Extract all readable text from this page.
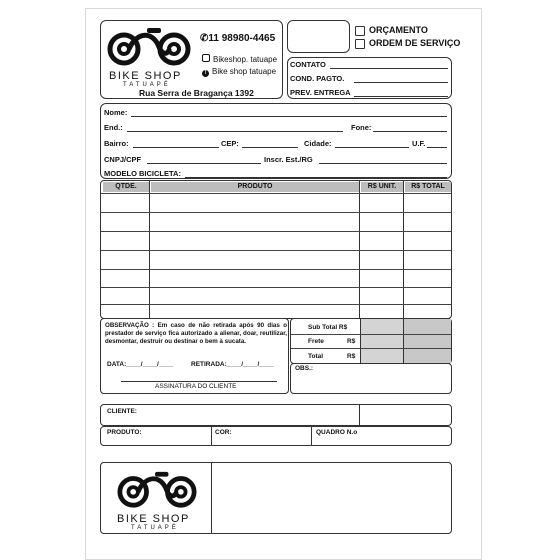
BIKE SHOP
TATUAPÉ
✆11 98980-4465
Bikeshop. tatuape
f Bike shop tatuape
Rua Serra de Bragança 1392
ORÇAMENTO
ORDEM DE SERVIÇO
CONTATO
COND. PAGTO.
PREV. ENTREGA
Nome:
End.:	Fone:
Bairro:	CEP:	Cidade:	U.F.
CNPJ/CPF	Inscr. Est./RG
MODELO BICICLETA:
QTDE.	PRODUTO	R$ UNIT.	R$ TOTAL
OBSERVAÇÃO : Em caso de não retirada após 90 dias o prestador de serviço fica autorizado a alienar, doar, reutilizar, desmontar, destruir ou destinar o bem à sucata.
DATA:____/____/____	RETIRADA:____/____/____
ASSINATURA DO CLIENTE
Sub Total R$
Frete	R$
Total	R$
OBS.:
CLIENTE:
PRODUTO:	COR:	QUADRO N.o
BIKE SHOP
TATUAPÉ
